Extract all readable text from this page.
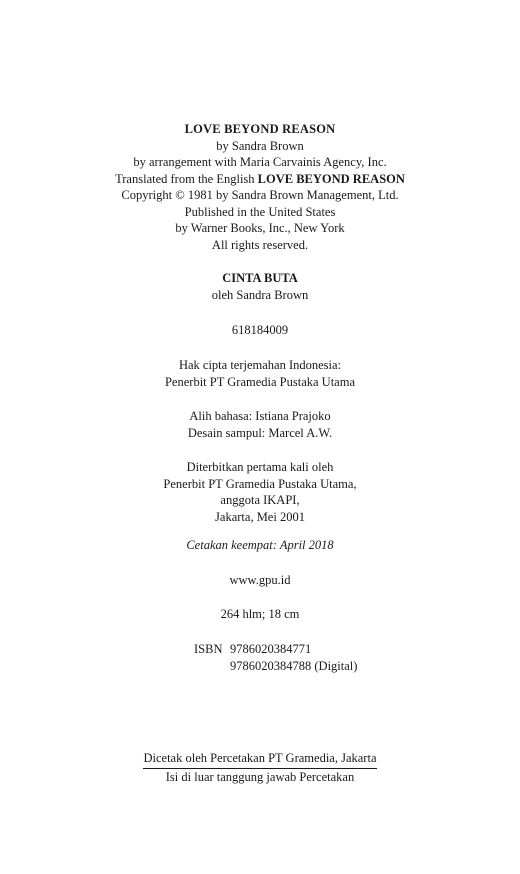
LOVE BEYOND REASON
by Sandra Brown
by arrangement with Maria Carvainis Agency, Inc.
Translated from the English LOVE BEYOND REASON
Copyright © 1981 by Sandra Brown Management, Ltd.
Published in the United States
by Warner Books, Inc., New York
All rights reserved.
CINTA BUTA
oleh Sandra Brown
618184009
Hak cipta terjemahan Indonesia:
Penerbit PT Gramedia Pustaka Utama
Alih bahasa: Istiana Prajoko
Desain sampul: Marcel A.W.
Diterbitkan pertama kali oleh
Penerbit PT Gramedia Pustaka Utama,
anggota IKAPI,
Jakarta, Mei 2001
Cetakan keempat: April 2018
www.gpu.id
264 hlm; 18 cm
ISBN 9786020384771
9786020384788 (Digital)
Dicetak oleh Percetakan PT Gramedia, Jakarta
Isi di luar tanggung jawab Percetakan
